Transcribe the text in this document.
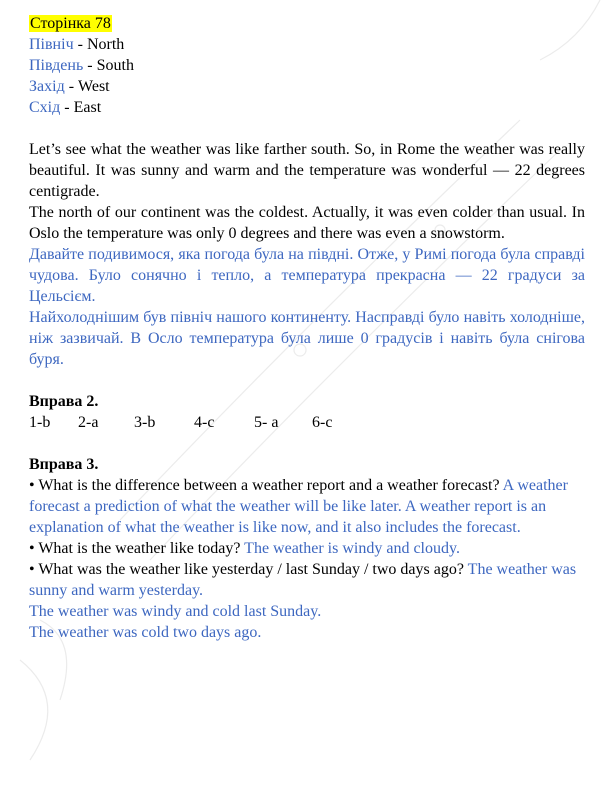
Сторінка 78

Північ - North

Південь - South

Захід - West

Схід - East

Let’s see what the weather was like farther south. So, in Rome the weather was really beautiful. It was sunny and warm and the temperature was wonderful — 22 degrees centigrade.

The north of our continent was the coldest. Actually, it was even colder than usual. In Oslo the temperature was only 0 degrees and there was even a snowstorm.

Давайте подивимося, яка погода була на півдні. Отже, у Римі погода була справді чудова. Було сонячно і тепло, а температура прекрасна — 22 градуси за Цельсієм.

Найхолоднішим був північ нашого континенту. Насправді було навіть холодніше, ніж зазвичай. В Осло температура була лише 0 градусів і навіть була снігова буря.

Вправа 2.

1-b	2-a	3-b	4-c	5- a	6-c

Вправа 3.

• What is the difference between a weather report and a weather forecast? A weather forecast a prediction of what the weather will be like later. A weather report is an explanation of what the weather is like now, and it also includes the forecast.

• What is the weather like today? The weather is windy and cloudy.

• What was the weather like yesterday / last Sunday / two days ago? The weather was sunny and warm yesterday.

The weather was windy and cold last Sunday.

The weather was cold two days ago.
